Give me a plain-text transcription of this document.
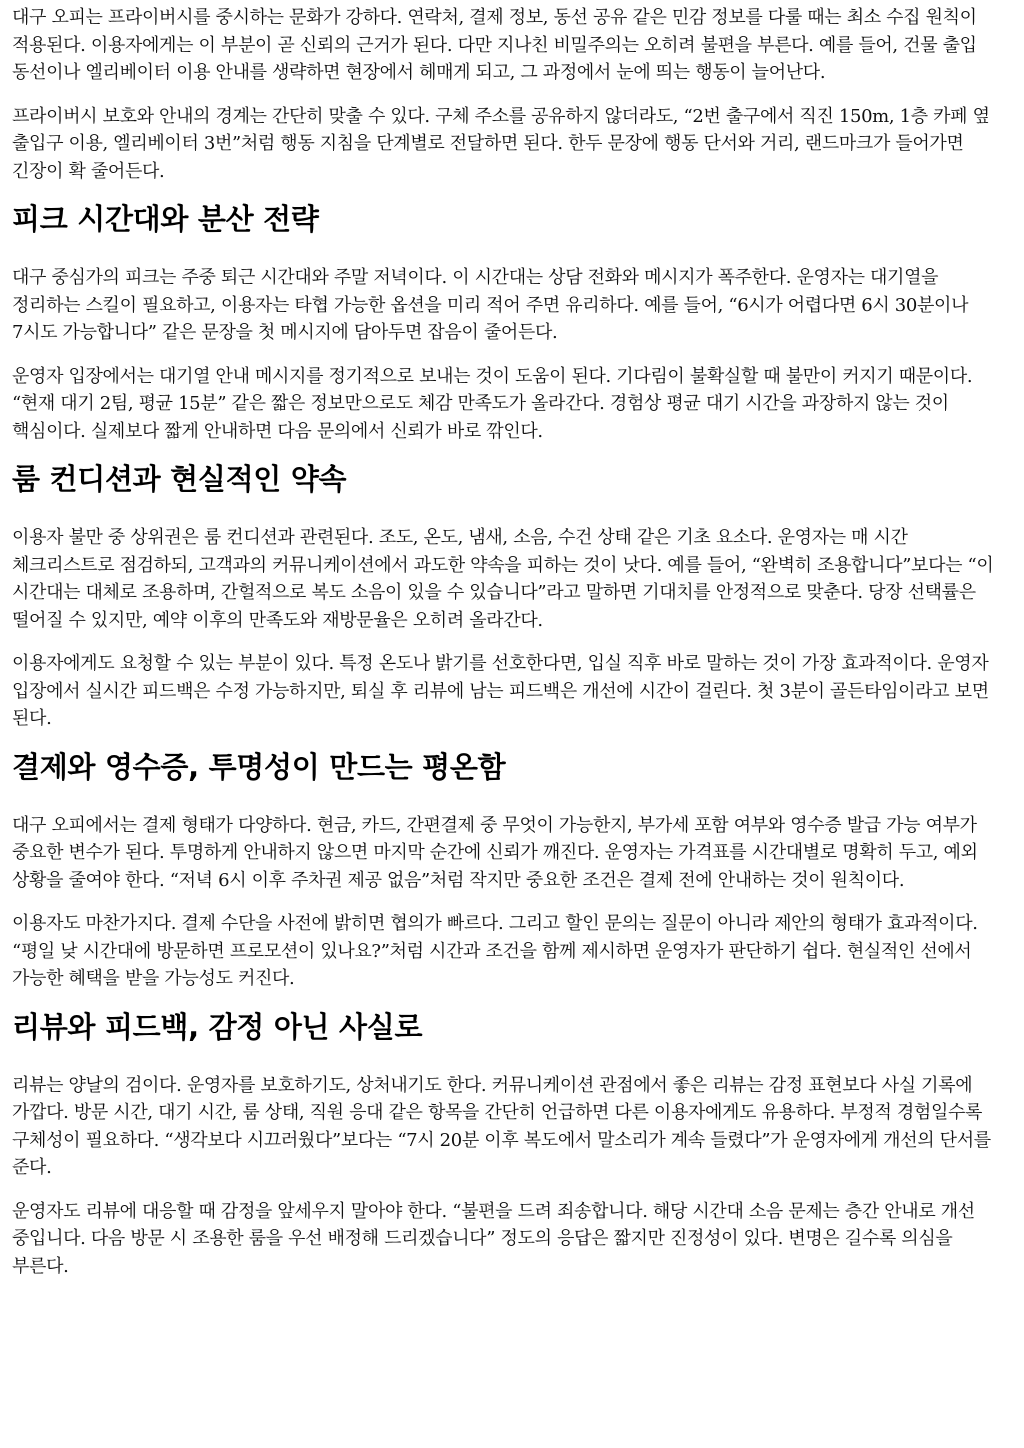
대구 오피는 프라이버시를 중시하는 문화가 강하다. 연락처, 결제 정보, 동선 공유 같은 민감 정보를 다룰 때는 최소 수집 원칙이 적용된다. 이용자에게는 이 부분이 곧 신뢰의 근거가 된다. 다만 지나친 비밀주의는 오히려 불편을 부른다. 예를 들어, 건물 출입 동선이나 엘리베이터 이용 안내를 생략하면 현장에서 헤매게 되고, 그 과정에서 눈에 띄는 행동이 늘어난다.

프라이버시 보호와 안내의 경계는 간단히 맞출 수 있다. 구체 주소를 공유하지 않더라도, “2번 출구에서 직진 150m, 1층 카페 옆 출입구 이용, 엘리베이터 3번”처럼 행동 지침을 단계별로 전달하면 된다. 한두 문장에 행동 단서와 거리, 랜드마크가 들어가면 긴장이 확 줄어든다.

피크 시간대와 분산 전략

대구 중심가의 피크는 주중 퇴근 시간대와 주말 저녁이다. 이 시간대는 상담 전화와 메시지가 폭주한다. 운영자는 대기열을 정리하는 스킬이 필요하고, 이용자는 타협 가능한 옵션을 미리 적어 주면 유리하다. 예를 들어, “6시가 어렵다면 6시 30분이나 7시도 가능합니다” 같은 문장을 첫 메시지에 담아두면 잡음이 줄어든다.

운영자 입장에서는 대기열 안내 메시지를 정기적으로 보내는 것이 도움이 된다. 기다림이 불확실할 때 불만이 커지기 때문이다. “현재 대기 2팀, 평균 15분” 같은 짧은 정보만으로도 체감 만족도가 올라간다. 경험상 평균 대기 시간을 과장하지 않는 것이 핵심이다. 실제보다 짧게 안내하면 다음 문의에서 신뢰가 바로 깎인다.

룸 컨디션과 현실적인 약속

이용자 불만 중 상위권은 룸 컨디션과 관련된다. 조도, 온도, 냄새, 소음, 수건 상태 같은 기초 요소다. 운영자는 매 시간 체크리스트로 점검하되, 고객과의 커뮤니케이션에서 과도한 약속을 피하는 것이 낫다. 예를 들어, “완벽히 조용합니다”보다는 “이 시간대는 대체로 조용하며, 간헐적으로 복도 소음이 있을 수 있습니다”라고 말하면 기대치를 안정적으로 맞춘다. 당장 선택률은 떨어질 수 있지만, 예약 이후의 만족도와 재방문율은 오히려 올라간다.

이용자에게도 요청할 수 있는 부분이 있다. 특정 온도나 밝기를 선호한다면, 입실 직후 바로 말하는 것이 가장 효과적이다. 운영자 입장에서 실시간 피드백은 수정 가능하지만, 퇴실 후 리뷰에 남는 피드백은 개선에 시간이 걸린다. 첫 3분이 골든타임이라고 보면 된다.

결제와 영수증, 투명성이 만드는 평온함

대구 오피에서는 결제 형태가 다양하다. 현금, 카드, 간편결제 중 무엇이 가능한지, 부가세 포함 여부와 영수증 발급 가능 여부가 중요한 변수가 된다. 투명하게 안내하지 않으면 마지막 순간에 신뢰가 깨진다. 운영자는 가격표를 시간대별로 명확히 두고, 예외 상황을 줄여야 한다. “저녁 6시 이후 주차권 제공 없음”처럼 작지만 중요한 조건은 결제 전에 안내하는 것이 원칙이다.

이용자도 마찬가지다. 결제 수단을 사전에 밝히면 협의가 빠르다. 그리고 할인 문의는 질문이 아니라 제안의 형태가 효과적이다. “평일 낮 시간대에 방문하면 프로모션이 있나요?”처럼 시간과 조건을 함께 제시하면 운영자가 판단하기 쉽다. 현실적인 선에서 가능한 혜택을 받을 가능성도 커진다.

리뷰와 피드백, 감정 아닌 사실로

리뷰는 양날의 검이다. 운영자를 보호하기도, 상처내기도 한다. 커뮤니케이션 관점에서 좋은 리뷰는 감정 표현보다 사실 기록에 가깝다. 방문 시간, 대기 시간, 룸 상태, 직원 응대 같은 항목을 간단히 언급하면 다른 이용자에게도 유용하다. 부정적 경험일수록 구체성이 필요하다. “생각보다 시끄러웠다”보다는 “7시 20분 이후 복도에서 말소리가 계속 들렸다”가 운영자에게 개선의 단서를 준다.

운영자도 리뷰에 대응할 때 감정을 앞세우지 말아야 한다. “불편을 드려 죄송합니다. 해당 시간대 소음 문제는 층간 안내로 개선 중입니다. 다음 방문 시 조용한 룸을 우선 배정해 드리겠습니다” 정도의 응답은 짧지만 진정성이 있다. 변명은 길수록 의심을 부른다.
